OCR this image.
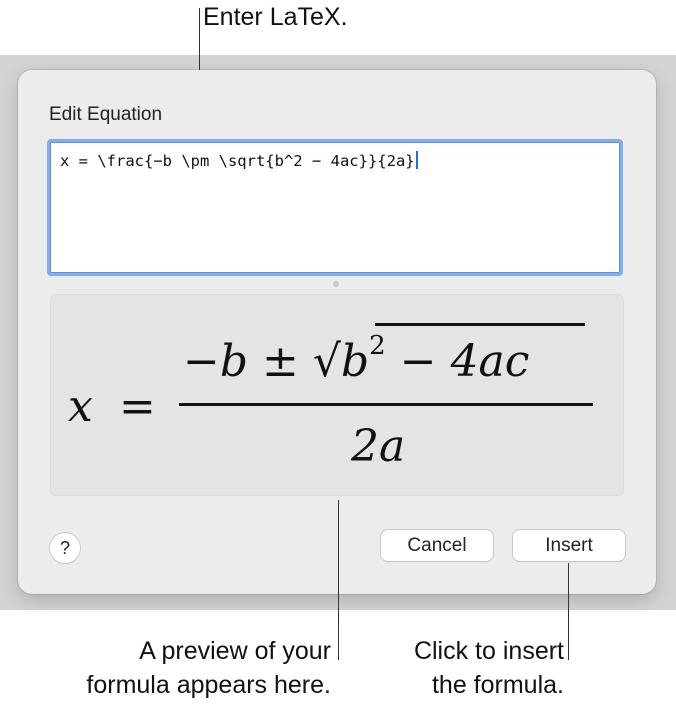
Enter LaTeX.
Edit Equation
x = \frac{−b \pm \sqrt{b^2 − 4ac}}{2a}
x =
$-b \pm √b^2 - 4ac$
2a
?	Cancel	Insert
A preview of your
formula appears here.
Click to insert
the formula.
